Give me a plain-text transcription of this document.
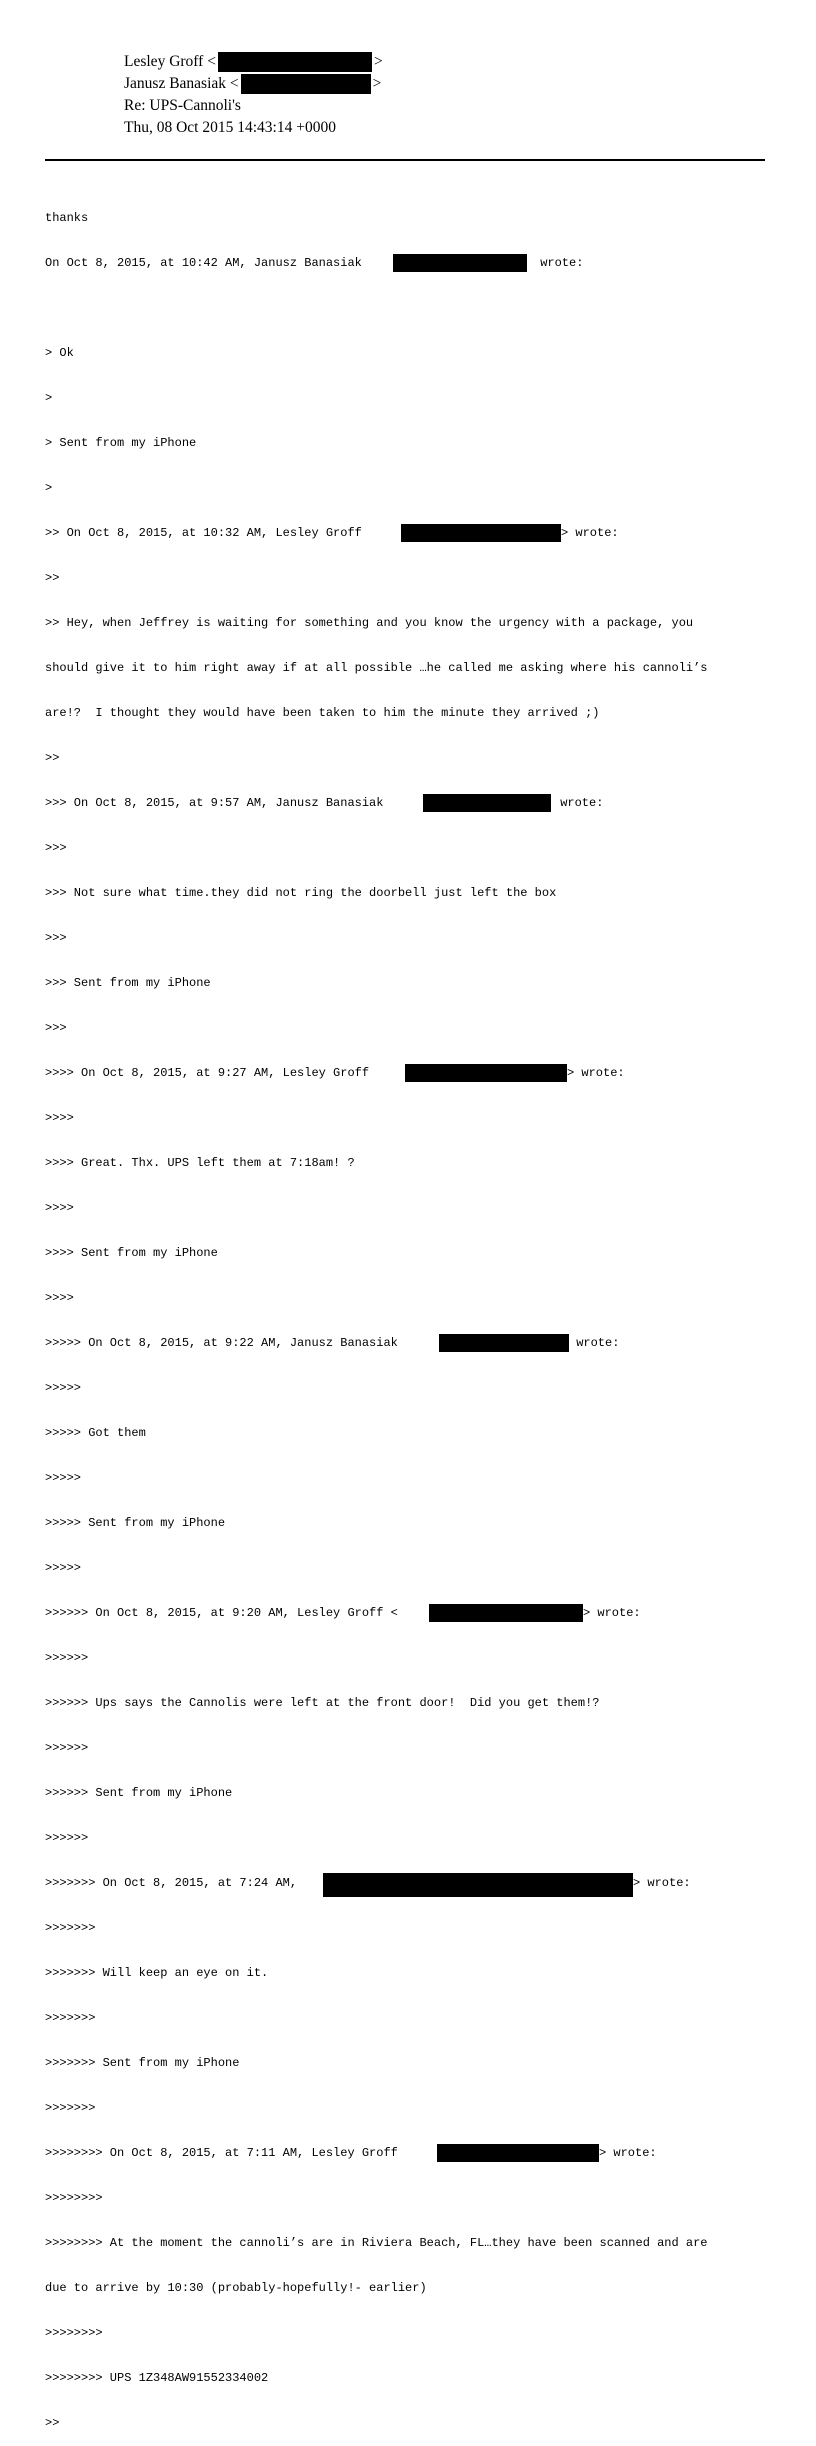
Lesley Groff <	>
Janusz Banasiak <	>
Re: UPS-Cannoli's
Thu, 08 Oct 2015 14:43:14 +0000

thanks

On Oct 8, 2015, at 10:42 AM, Janusz Banasiak	wrote:

> Ok

>

> Sent from my iPhone

>

>> On Oct 8, 2015, at 10:32 AM, Lesley Groff	> wrote:

>>

>> Hey, when Jeffrey is waiting for something and you know the urgency with a package, you

should give it to him right away if at all possible …he called me asking where his cannoli’s

are!?  I thought they would have been taken to him the minute they arrived ;)

>>

>>> On Oct 8, 2015, at 9:57 AM, Janusz Banasiak	wrote:

>>>

>>> Not sure what time.they did not ring the doorbell just left the box

>>>

>>> Sent from my iPhone

>>>

>>>> On Oct 8, 2015, at 9:27 AM, Lesley Groff	> wrote:

>>>>

>>>> Great. Thx. UPS left them at 7:18am! ?

>>>>

>>>> Sent from my iPhone

>>>>

>>>>> On Oct 8, 2015, at 9:22 AM, Janusz Banasiak	wrote:

>>>>>

>>>>> Got them

>>>>>

>>>>> Sent from my iPhone

>>>>>

>>>>>> On Oct 8, 2015, at 9:20 AM, Lesley Groff <	> wrote:

>>>>>>

>>>>>> Ups says the Cannolis were left at the front door!  Did you get them!?

>>>>>>

>>>>>> Sent from my iPhone

>>>>>>

>>>>>>> On Oct 8, 2015, at 7:24 AM,	> wrote:

>>>>>>>

>>>>>>> Will keep an eye on it.

>>>>>>>

>>>>>>> Sent from my iPhone

>>>>>>>

>>>>>>>> On Oct 8, 2015, at 7:11 AM, Lesley Groff	> wrote:

>>>>>>>>

>>>>>>>> At the moment the cannoli’s are in Riviera Beach, FL…they have been scanned and are

due to arrive by 10:30 (probably-hopefully!- earlier)

>>>>>>>>

>>>>>>>> UPS 1Z348AW91552334002

>>
